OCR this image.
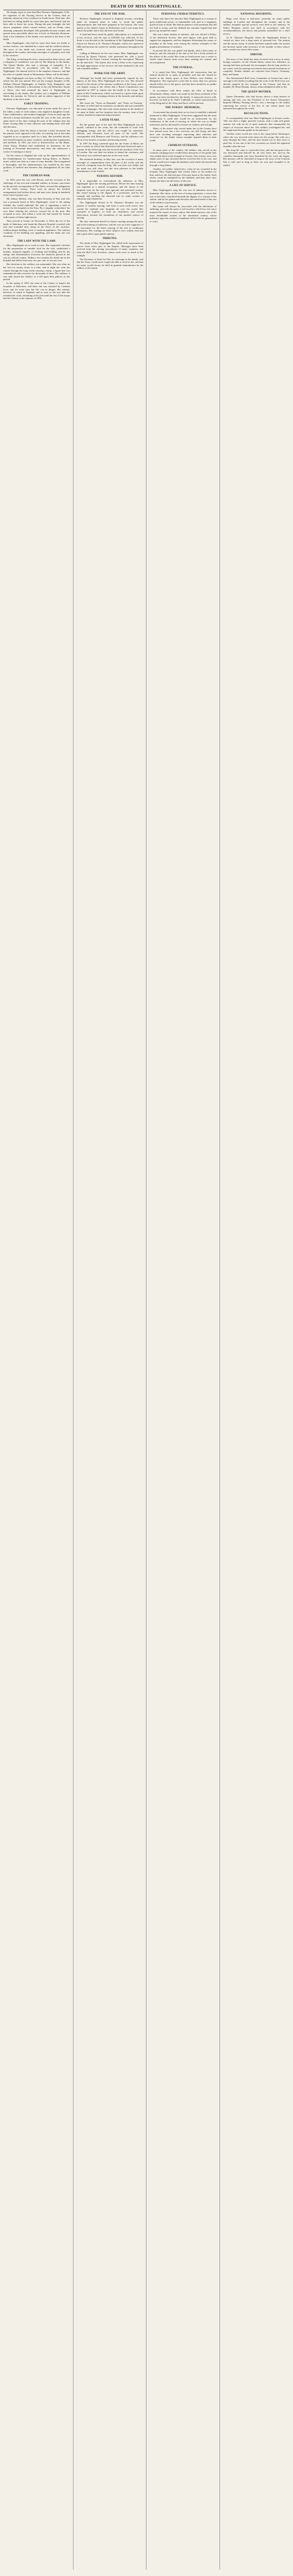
DEATH OF MISS NIGHTINGALE.

We deeply regret to state that Miss Florence Nightingale, O.M., the organizer of the Nursing Service in the Crimea, died on Saturday afternoon at her residence in South-street, Park-lane. She had been in failing health for some time past, and latterly had not been able to leave her room. During the past fortnight she had shown symptoms which caused anxiety, and on Friday some alarming symptoms developed. She gradually became weaker, and passed away peacefully about two o'clock on Saturday afternoon. Only a few members of her family were present at the time of her death.

Miss Nightingale, who had for some time been too feeble to receive visitors, was attended by a nurse and her medical adviser. The news of her death was received with profound sorrow throughout the country, and many messages of sympathy were sent to her relatives.

The King, on hearing the news, expressed his deep sorrow, and a telegram of condolence was sent by His Majesty to the family. The Queen Mother also sent a message of sympathy. It is understood that, in accordance with the wishes of Miss Nightingale, the funeral will be of the simplest character, and that the offer of a public burial in Westminster Abbey will be declined.

Miss Nightingale was born on May 12, 1820, at Florence, after which city she was named. She was the younger daughter of Mr. William Edward Nightingale, of Embley Park, Hampshire, and Lea Hurst, Derbyshire, a descendant of the old Derbyshire family of Shore, who had assumed the name of Nightingale on succeeding to the estates. Her mother was a daughter of William Smith, the member for Norwich, and an ardent supporter of the abolition of the slave trade.

EARLY TRAINING.

Florence Nightingale was educated at home under the care of her father, a man of wide culture, who taught his daughters Greek, Latin, mathematics, and modern languages. From an early age she showed a strong inclination towards the care of the sick, and she spent much of her time visiting the poor in the villages near her home, nursing them in their illnesses and tending them with skill and devotion.

As she grew older her desire to become a nurse increased, but her parents were opposed to the idea, for nursing was at that time regarded as an occupation unfit for a lady. She travelled abroad, and visited hospitals in many countries, studying their organisation and methods. In 1851 she went to Kaiserswerth, on the Rhine, where Pastor Fliedner had established an institution for the training of Protestant deaconesses, and there she underwent a course of training as a nurse.

On her return to England she took up the superintendence of the Establishment for Gentlewomen during Illness, in Harley-street, which was then in a state of some disorder. She reorganised it thoroughly, and her administration was marked by the same qualities of method and firmness that distinguished all her later work.

THE CRIMEAN WAR.

In 1854 came the war with Russia, and the accounts of the sufferings of the sick and wounded soldiers at Scutari, sent home by the special correspondent of The Times, aroused the indignation of the whole country. There were no nurses, the medical arrangements had broken down, and men were dying in hundreds from want of proper care.

Mr. Sidney Herbert, who was then Secretary at War, and who was a personal friend of Miss Nightingale, wrote to her asking whether she would undertake the task of organising a staff of nurses for the hospitals in the East. By a singular coincidence her own letter offering her services crossed his in the post. She accepted at once, and within a week she had started for Scutari with a party of thirty-eight nurses.

They arrived at Scutari on November 4, 1854, the eve of the battle of Inkerman, and found the Barrack Hospital crowded with sick and wounded men, lying on the floors in the corridors, without proper bedding, food, or medical appliances. The sanitary condition of the building was appalling, and the death rate was enormous.

THE LADY WITH THE LAMP.

Miss Nightingale set to work at once. She organised a kitchen for the preparation of suitable food for the sick, established a laundry, obtained supplies of clothing and bedding, and by her energy and determination overcame the obstacles placed in her way by official routine. Within a few months the death rate in the hospital had fallen from forty-two per cent. to two per cent.

Her devotion to the soldiers was unbounded. She was often on her feet for twenty hours at a time, and at night she went her rounds through the long wards carrying a lamp, a figure that was remembered with reverence by thousands of men. The soldiers, it was said, kissed her shadow as it fell upon their pillows as she passed.

In the spring of 1855 she went to the Crimea to inspect the hospitals at Balaclava, and there she was attacked by Crimean fever, and for some time her life was in danger. She refused, however, to return to England, and as soon as she was able she resumed her work, remaining at her post until the last of the troops had left Turkey in the summer of 1856.

THE END OF THE WAR.

Florence Nightingale returned to England secretly, travelling under an assumed name in order to avoid the public demonstrations that had been prepared in her honour. She went quietly to her father's house in Derbyshire, and it was some time before the public knew that she had come home.

A fund had been raised by public subscription as a testimonial to her services, and the sum of £50,000 was collected. At her desire it was devoted to the foundation of the Nightingale Training School for Nurses at St. Thomas's Hospital, which was opened in 1860 and became the model for similar institutions throughout the world.

Calling at Balmoral on her way home, Miss Nightingale was received by Queen Victoria, who presented her with a jewel designed by the Prince Consort, bearing the inscription "Blessed are the merciful." The Queen also wrote a letter to her expressing her high appreciation of the services she had rendered to the sick and wounded soldiers.

WORK FOR THE ARMY.

Although her health had been permanently injured by her labours in the East, Miss Nightingale did not rest. She devoted herself to the reform of the sanitary conditions of the Army, and it was largely owing to her efforts that a Royal Commission was appointed in 1857 to inquire into the health of the troops. The report of this Commission, which was based to a great extent upon her evidence, led to sweeping reforms in the barracks and military hospitals.

She wrote her "Notes on Hospitals" and "Notes on Nursing," the latter of which had an enormous circulation and was translated into many languages. She also took a keen interest in the health of the army in India, and her inquiries into the sanitary state of that country resulted in important improvements.

LATER YEARS.

For the greater part of her later life Miss Nightingale was an invalid, confined to her room, but she continued to work with unflagging energy, and her advice was sought by statesmen, officials, and reformers from all parts of the world. She corresponded with Ministers and Viceroys, and her influence was felt in every branch of sanitary and nursing reform.

In 1907 the King conferred upon her the Order of Merit, the first occasion on which that distinction had been bestowed upon a woman. In the following year she received the freedom of the City of London. She was then too infirm to attend the ceremony, and the honour was conferred upon her in her own room.

Her ninetieth birthday, in May last, was the occasion of many messages of congratulation from all parts of the world, and she received a telegram from the King. She was then very feeble, but her mind was still clear, and she took pleasure in the kindly remembrance of her friends.

NURSING REFORM.

It is impossible to overestimate the influence of Miss Nightingale upon the nursing profession. Before her time nursing was regarded as a menial occupation, and the nurses in the hospitals were for the most part ignorant and untrained women. She raised nursing to the dignity of a profession, and by her example and teaching she attracted into its ranks women of education and refinement.

The Nightingale School at St. Thomas's Hospital was the pioneer of modern nursing, and from it went forth nurses who carried her methods into hospitals all over the world. Her principles of hygiene, of fresh air, cleanliness, and careful observation, became the foundation of the modern science of nursing.

She also interested herself in district nursing among the poor, and in the training of midwives, and she was an active supporter of the movement for the better nursing of the sick in workhouse infirmaries. Her writings on these subjects were widely read and had a great effect upon public opinion.

TRIBUTES.

The death of Miss Nightingale has called forth expressions of sorrow from every part of the Empire. Messages have been received from the nursing associations of many countries, and from the Red Cross Societies, whose work owes so much to her example.

The Secretary of State for War, in a message to the family, said that the Army would never forget the debt it owed to her, and that her name would always be held in grateful remembrance by the soldiers of the nation.

PERSONAL CHARACTERISTICS.

Those who knew her describe Miss Nightingale as a woman of great intellectual power, of indomitable will, and of a singularly practical turn of mind. She had no patience with sentiment that did not lead to action, and she disliked the romantic legend that had grown up around her name.

She was a keen student of statistics, and was elected a Fellow of the Statistical Society. She used figures with great skill to support her arguments, and her diagrams illustrating the causes of mortality in the Army were among the earliest examples of the graphic presentation of statistics.

In private life she was gentle and kindly, with a keen sense of humour, and she retained to the end of her life a lively interest in the affairs of the world. Her room in South-street was a centre to which came visitors from every land, seeking her counsel and encouragement.

THE FUNERAL.

It is stated that Miss Nightingale left instructions that her funeral should be as quiet as possible, and that she should be buried in the family grave at East Wellow, near Embley, in Hampshire. She expressed a wish that no more than two persons should follow her to the grave, and that there should be no public demonstration.

In accordance with these wishes the offer of burial in Westminster Abbey, which was made by the Dean on behalf of the nation, has been declined by the family. A memorial service will, however, be held in St. Paul's Cathedral, at which representatives of the King and of the Army and Navy will be present.

THE NURSES' MEMORIAL.

A movement has already been set on foot to establish a national memorial to Miss Nightingale. It has been suggested that the most fitting form it could take would be an endowment for the furtherance of the work of nursing, in which she was so deeply interested, and for the benefit of nurses in sickness and old age.

Many of the nurses who served under her in the Crimea have now passed away, but a few survivors are still living, and they have sent touching messages expressing their affection and reverence for the leader whose example inspired them in their youth.

CRIMEAN VETERANS.

In many parts of the country old soldiers who served in the Crimean campaign have recalled their memories of the gentle lady who tended them in the hospital at Scutari. One veteran, now over eighty years of age, declared that he owed his life to her care, and that he would never forget the kindness with which she nursed him through a long illness.

Another old soldier related how, when he lay wounded in the hospital, Miss Nightingale had written letters to his mother for him, and how she had sent part of his pay home to his family. Such stories could be multiplied by the hundred, and they show how deeply she had won the hearts of the men.

A LIFE OF SERVICE.

Miss Nightingale's long life was one of unbroken service to humanity. She chose, in the face of strong opposition, a career that was at that time considered beneath the dignity of a woman of her station, and by her genius and devotion she transformed it into one of the noblest of professions.

Her name will always be associated with the alleviation of suffering, and with the spirit of self-sacrifice which has ever since inspired the nurses of every nation. Her death removes one of the most remarkable women of the nineteenth century, whose influence upon the welfare of mankind will be felt for generations to come.

NATIONAL MOURNING.

Flags were flown at half-mast yesterday on many public buildings in London and throughout the country, and at the military hospitals special services were held in her memory. At Netley Hospital, which was built in accordance with her recommendations, the nurses and patients assembled for a short service.

At St. Thomas's Hospital, where the Nightingale School is carried on, there was a deep sense of personal loss. The matron and the nurses, many of whom had been trained under the system she devised, spoke with reverence of the founder of their school, and a wreath was sent in their name.

ABROAD.

The news of her death has been received with sorrow in many foreign countries. In the United States, where her influence on nursing had been profound, the newspapers devote long articles to her career, and the nursing associations have passed resolutions of sympathy. Similar tributes are reported from France, Germany, Italy, and Japan.

The International Red Cross Committee at Geneva has sent a message to the family recalling that the work of the Red Cross was directly inspired by her example in the Crimea, and that its founder, M. Henri Dunant, always acknowledged his debt to her.

THE QUEEN MOTHER.

Queen Alexandra, who had always shown a deep interest in nursing and who was the President of the Queen Alexandra's Imperial Military Nursing Service, sent a message to the family expressing her sorrow at the loss of one whose name was honoured throughout the world.

RECOLLECTIONS.

A correspondent who saw Miss Nightingale at Scutari writes: "She was then a slight, graceful woman, with a calm and gentle manner, but with an air of quiet authority that commanded the respect of everyone about her. The soldiers worshipped her, and the rough men became gentle in her presence."

Another writer recalls her visit to the camp before Sebastopol, where she was received with cheers by the troops. She rode on a pony through the lines, and the men turned out of their tents to greet her. It was one of the few occasions on which she appeared in public after the war.

Her long life came to a peaceful close, and she has gone to her rest honoured and beloved by all who knew her, and by the countless thousands who have benefited by the work she began. Her memory will be cherished as long as the story of the Crimean War is told, and as long as there are sick and wounded to be tended.
